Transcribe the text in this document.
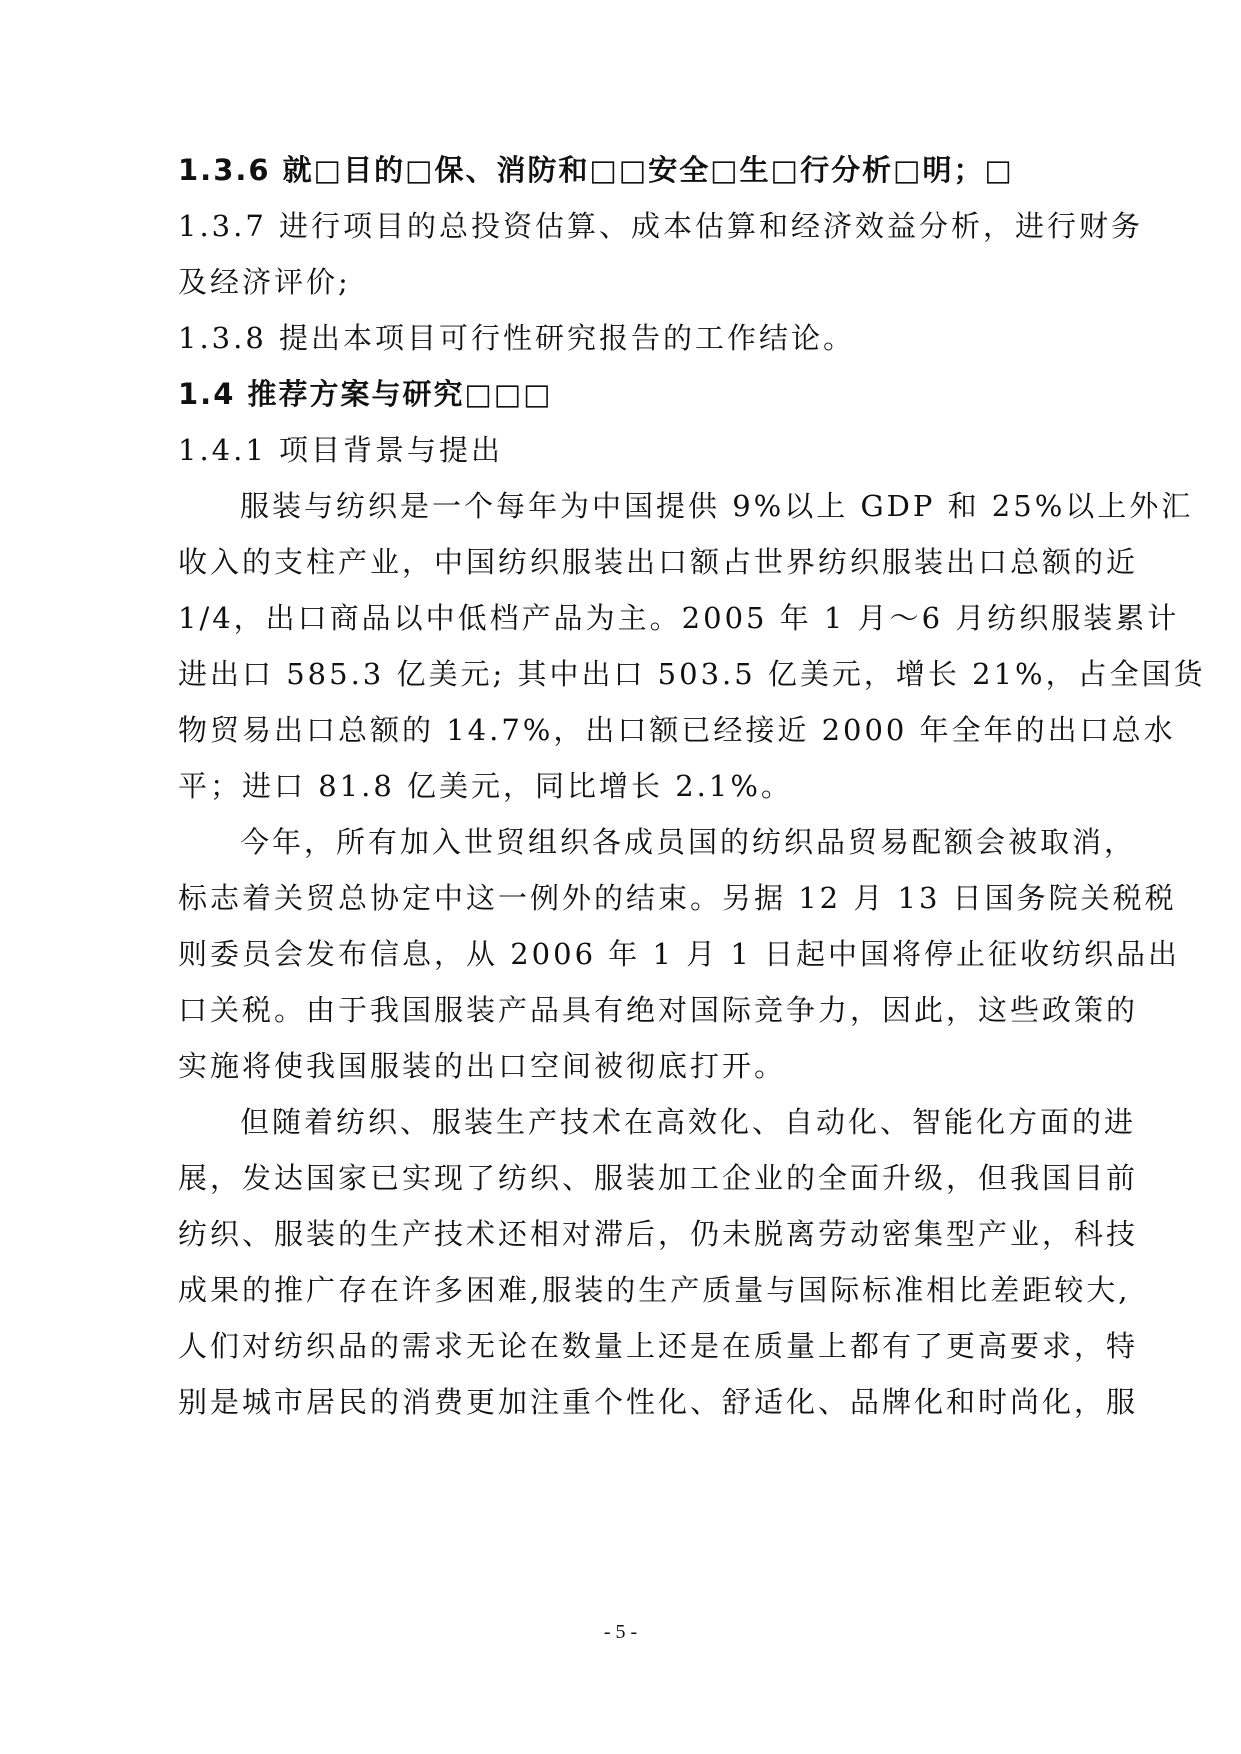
1.3.6 就□目的□保、消防和□□安全□生□行分析□明；□
1.3.7 进行项目的总投资估算、成本估算和经济效益分析，进行财务
及经济评价;
1.3.8 提出本项目可行性研究报告的工作结论。
1.4 推荐方案与研究□□□
1.4.1 项目背景与提出
服装与纺织是一个每年为中国提供 9%以上 GDP 和 25%以上外汇
收入的支柱产业，中国纺织服装出口额占世界纺织服装出口总额的近
1/4，出口商品以中低档产品为主。2005 年 1 月～6 月纺织服装累计
进出口 585.3 亿美元; 其中出口 503.5 亿美元，增长 21%，占全国货
物贸易出口总额的 14.7%，出口额已经接近 2000 年全年的出口总水
平；进口 81.8 亿美元，同比增长 2.1%。
今年，所有加入世贸组织各成员国的纺织品贸易配额会被取消，
标志着关贸总协定中这一例外的结束。另据 12 月 13 日国务院关税税
则委员会发布信息，从 2006 年 1 月 1 日起中国将停止征收纺织品出
口关税。由于我国服装产品具有绝对国际竞争力，因此，这些政策的
实施将使我国服装的出口空间被彻底打开。
但随着纺织、服装生产技术在高效化、自动化、智能化方面的进
展，发达国家已实现了纺织、服装加工企业的全面升级，但我国目前
纺织、服装的生产技术还相对滞后，仍未脱离劳动密集型产业，科技
成果的推广存在许多困难,服装的生产质量与国际标准相比差距较大,
人们对纺织品的需求无论在数量上还是在质量上都有了更高要求，特
别是城市居民的消费更加注重个性化、舒适化、品牌化和时尚化，服
- 5 -
